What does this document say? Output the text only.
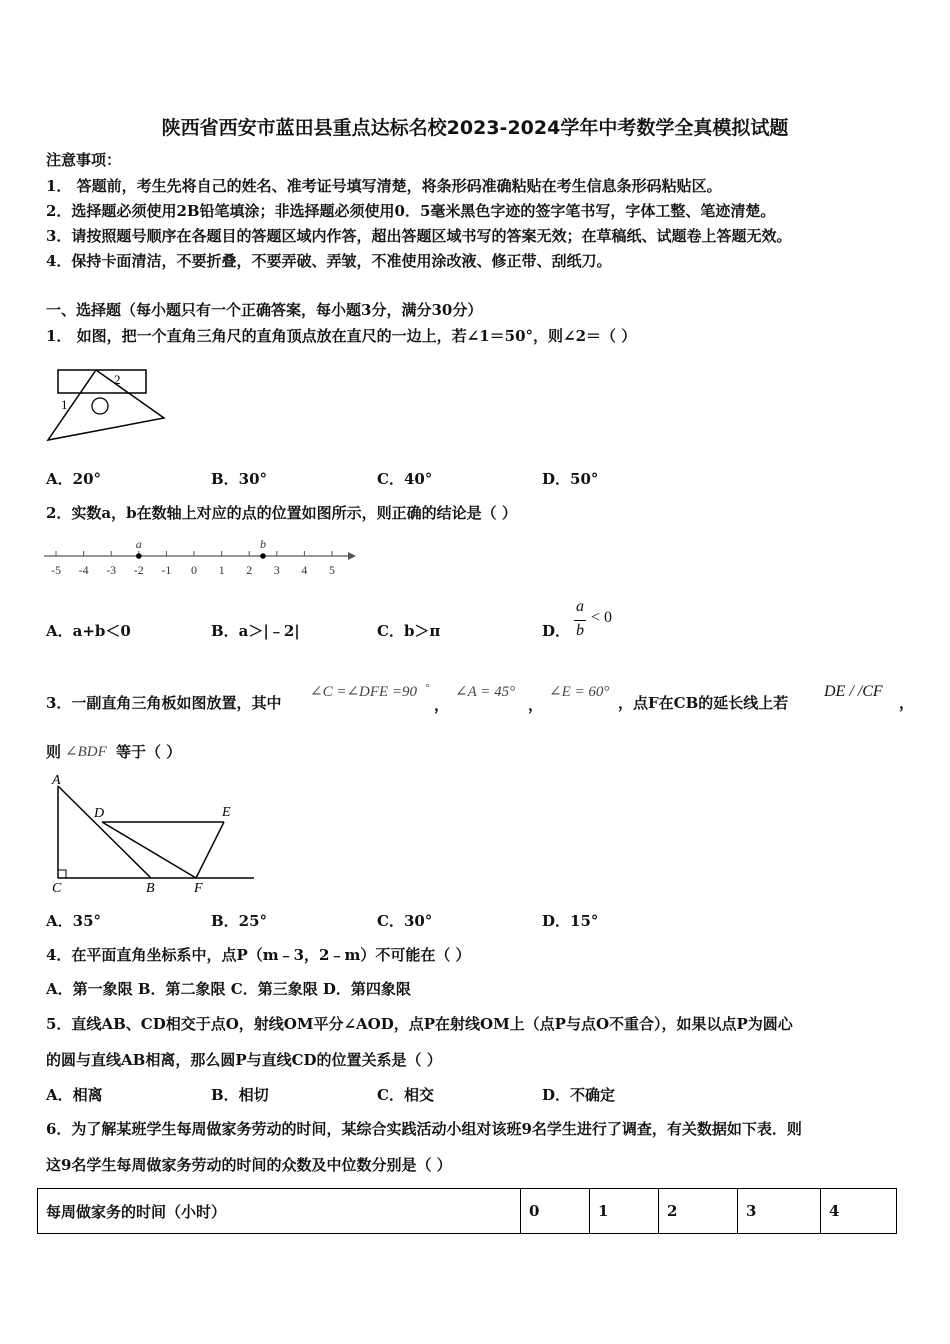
陕西省西安市蓝田县重点达标名校2023-2024学年中考数学全真模拟试题
注意事项：
1． 答题前，考生先将自己的姓名、准考证号填写清楚，将条形码准确粘贴在考生信息条形码粘贴区。
2．选择题必须使用2B铅笔填涂；非选择题必须使用0．5毫米黑色字迹的签字笔书写，字体工整、笔迹清楚。
3．请按照题号顺序在各题目的答题区域内作答，超出答题区域书写的答案无效；在草稿纸、试题卷上答题无效。
4．保持卡面清洁，不要折叠，不要弄破、弄皱，不准使用涂改液、修正带、刮纸刀。
一、选择题（每小题只有一个正确答案，每小题3分，满分30分）
1． 如图，把一个直角三角尺的直角顶点放在直尺的一边上，若∠1＝50°，则∠2＝（ ）
1
2
A．20°	B．30°	C．40°	D．50°
2．实数a，b在数轴上对应的点的位置如图所示，则正确的结论是（ ）
-5 -4 -3 -2 -1 0 1 2 3 4 5
a	b
A．a+b＜0	B．a＞|﹣2|	C．b＞π	D．
a
b
< 0
3．一副直角三角板如图放置，其中
∠C =∠DFE =90 °
，
∠A = 45°
，
∠E = 60°
，点F在CB的延长线上若
DE / /CF
，
则 ∠BDF 等于（ ）
A
D	E
C	B	F
A．35°	B．25°	C．30°	D．15°
4．在平面直角坐标系中，点P（m﹣3，2﹣m）不可能在（ ）
A．第一象限 B．第二象限 C．第三象限 D．第四象限
5．直线AB、CD相交于点O，射线OM平分∠AOD，点P在射线OM上（点P与点O不重合），如果以点P为圆心
的圆与直线AB相离，那么圆P与直线CD的位置关系是（ ）
A．相离	B．相切	C．相交	D．不确定
6．为了解某班学生每周做家务劳动的时间，某综合实践活动小组对该班9名学生进行了调查，有关数据如下表．则
这9名学生每周做家务劳动的时间的众数及中位数分别是（ ）
每周做家务的时间（小时）	0	1	2	3	4
